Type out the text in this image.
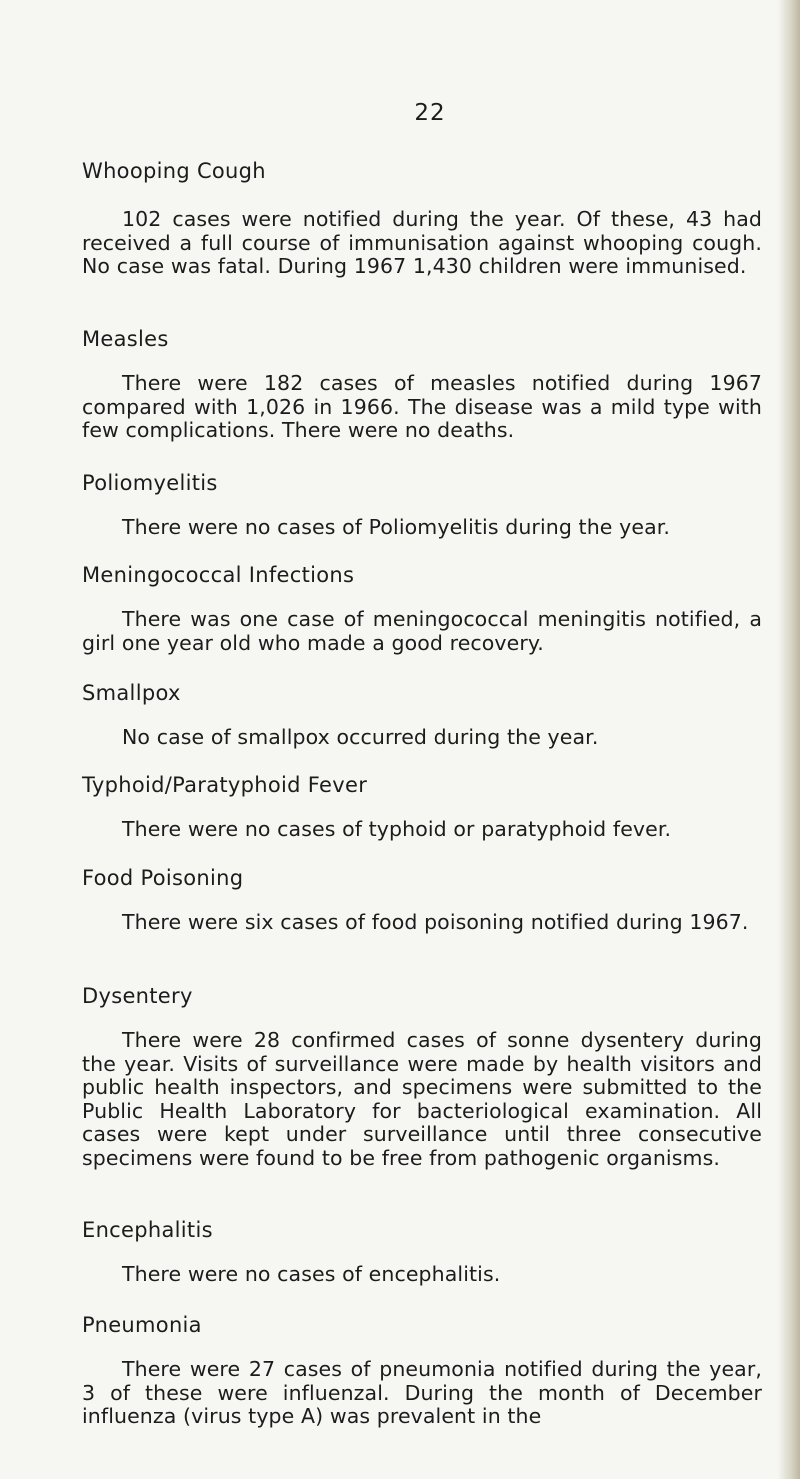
22
Whooping Cough

102 cases were notified during the year. Of these, 43 had received a full course of immunisation against whooping cough. No case was fatal. During 1967 1,430 children were immunised.

Measles

There were 182 cases of measles notified during 1967 compared with 1,026 in 1966. The disease was a mild type with few complications. There were no deaths.

Poliomyelitis

There were no cases of Poliomyelitis during the year.

Meningococcal Infections

There was one case of meningococcal meningitis notified, a girl one year old who made a good recovery.

Smallpox

No case of smallpox occurred during the year.

Typhoid/Paratyphoid Fever

There were no cases of typhoid or paratyphoid fever.

Food Poisoning

There were six cases of food poisoning notified during 1967.

Dysentery

There were 28 confirmed cases of sonne dysentery during the year. Visits of surveillance were made by health visitors and public health inspectors, and specimens were submitted to the Public Health Laboratory for bacteriological examination. All cases were kept under surveillance until three consecutive specimens were found to be free from pathogenic organisms.

Encephalitis

There were no cases of encephalitis.

Pneumonia

There were 27 cases of pneumonia notified during the year, 3 of these were influenzal. During the month of December influenza (virus type A) was prevalent in the
